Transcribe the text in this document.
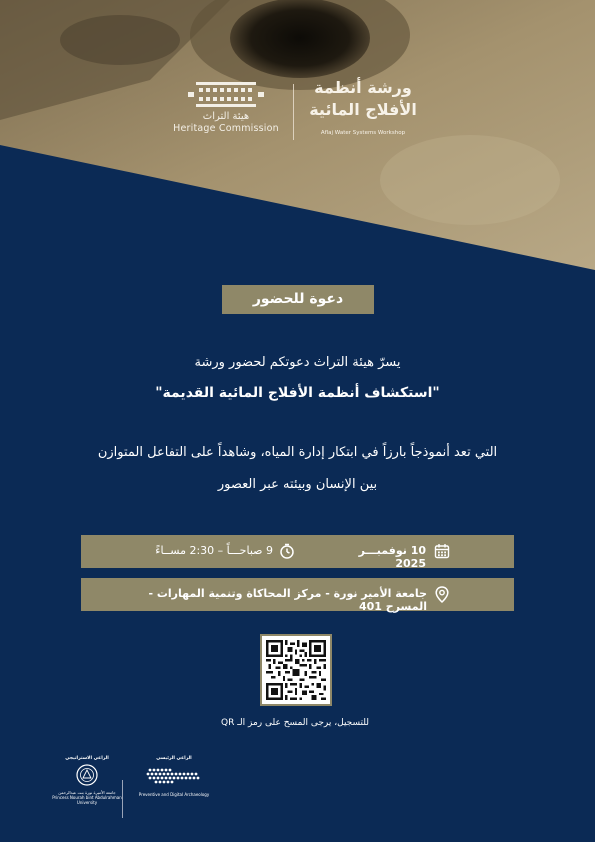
هيئة التراث
Heritage Commission
ورشة أنظمة
الأفلاج المائية
Aflaj Water Systems Workshop
دعوة للحضور
يسرّ هيئة التراث دعوتكم لحضور ورشة
"استكشاف أنظمة الأفلاج المائية القديمة"
التي تعد أنموذجاً بارزاً في ابتكار إدارة المياه، وشاهداً على التفاعل المتوازن
بين الإنسان وبيئته عبر العصور
10 نوفمبـــر 2025
9 صباحـــاً – 2:30 مســاءً
جامعة الأمير نورة - مركز المحاكاة وتنمية المهارات - المسرح 401
للتسجيل، يرجى المسح على رمز الـ QR
الراعي الاستراتيجي
جامعة الأميرة نورة بنت عبدالرحمن
Princess Nourah bint Abdulrahman University
الراعي الرئيسي
Preventive and Digital Archaeology
